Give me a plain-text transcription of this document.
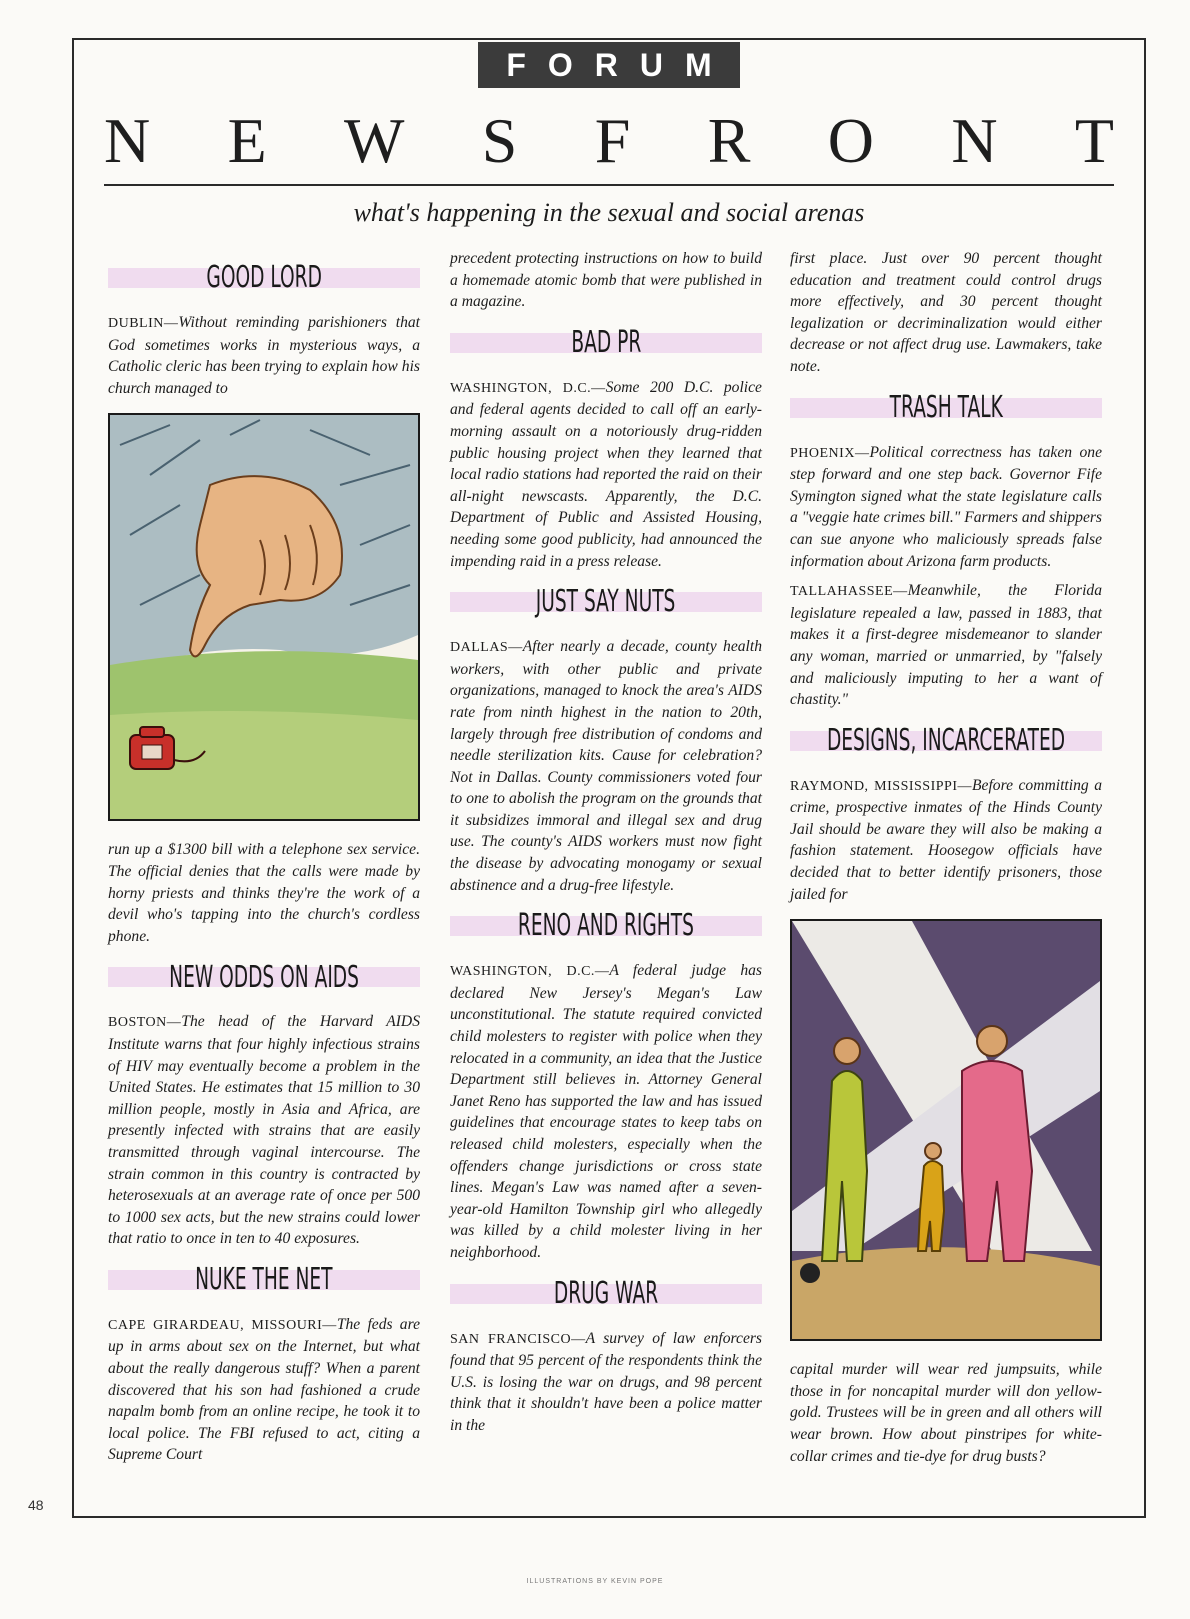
FORUM
N E W S F R O N T
what's happening in the sexual and social arenas
GOOD LORD

DUBLIN—Without reminding parishioners that God sometimes works in mysterious ways, a Catholic cleric has been trying to explain how his church managed to

run up a $1300 bill with a telephone sex service. The official denies that the calls were made by horny priests and thinks they're the work of a devil who's tapping into the church's cordless phone.

NEW ODDS ON AIDS

BOSTON—The head of the Harvard AIDS Institute warns that four highly infectious strains of HIV may eventually become a problem in the United States. He estimates that 15 million to 30 million people, mostly in Asia and Africa, are presently infected with strains that are easily transmitted through vaginal intercourse. The strain common in this country is contracted by heterosexuals at an average rate of once per 500 to 1000 sex acts, but the new strains could lower that ratio to once in ten to 40 exposures.

NUKE THE NET

CAPE GIRARDEAU, MISSOURI—The feds are up in arms about sex on the Internet, but what about the really dangerous stuff? When a parent discovered that his son had fashioned a crude napalm bomb from an online recipe, he took it to local police. The FBI refused to act, citing a Supreme Court

precedent protecting instructions on how to build a homemade atomic bomb that were published in a magazine.

BAD PR

WASHINGTON, D.C.—Some 200 D.C. police and federal agents decided to call off an early-morning assault on a notoriously drug-ridden public housing project when they learned that local radio stations had reported the raid on their all-night newscasts. Apparently, the D.C. Department of Public and Assisted Housing, needing some good publicity, had announced the impending raid in a press release.

JUST SAY NUTS

DALLAS—After nearly a decade, county health workers, with other public and private organizations, managed to knock the area's AIDS rate from ninth highest in the nation to 20th, largely through free distribution of condoms and needle sterilization kits. Cause for celebration? Not in Dallas. County commissioners voted four to one to abolish the program on the grounds that it subsidizes immoral and illegal sex and drug use. The county's AIDS workers must now fight the disease by advocating monogamy or sexual abstinence and a drug-free lifestyle.

RENO AND RIGHTS

WASHINGTON, D.C.—A federal judge has declared New Jersey's Megan's Law unconstitutional. The statute required convicted child molesters to register with police when they relocated in a community, an idea that the Justice Department still believes in. Attorney General Janet Reno has supported the law and has issued guidelines that encourage states to keep tabs on released child molesters, especially when the offenders change jurisdictions or cross state lines. Megan's Law was named after a seven-year-old Hamilton Township girl who allegedly was killed by a child molester living in her neighborhood.

DRUG WAR

SAN FRANCISCO—A survey of law enforcers found that 95 percent of the respondents think the U.S. is losing the war on drugs, and 98 percent think that it shouldn't have been a police matter in the

first place. Just over 90 percent thought education and treatment could control drugs more effectively, and 30 percent thought legalization or decriminalization would either decrease or not affect drug use. Lawmakers, take note.

TRASH TALK

PHOENIX—Political correctness has taken one step forward and one step back. Governor Fife Symington signed what the state legislature calls a "veggie hate crimes bill." Farmers and shippers can sue anyone who maliciously spreads false information about Arizona farm products.

TALLAHASSEE—Meanwhile, the Florida legislature repealed a law, passed in 1883, that makes it a first-degree misdemeanor to slander any woman, married or unmarried, by "falsely and maliciously imputing to her a want of chastity."

DESIGNS, INCARCERATED

RAYMOND, MISSISSIPPI—Before committing a crime, prospective inmates of the Hinds County Jail should be aware they will also be making a fashion statement. Hoosegow officials have decided that to better identify prisoners, those jailed for

capital murder will wear red jumpsuits, while those in for noncapital murder will don yellow-gold. Trustees will be in green and all others will wear brown. How about pinstripes for white-collar crimes and tie-dye for drug busts?

48
ILLUSTRATIONS BY KEVIN POPE
